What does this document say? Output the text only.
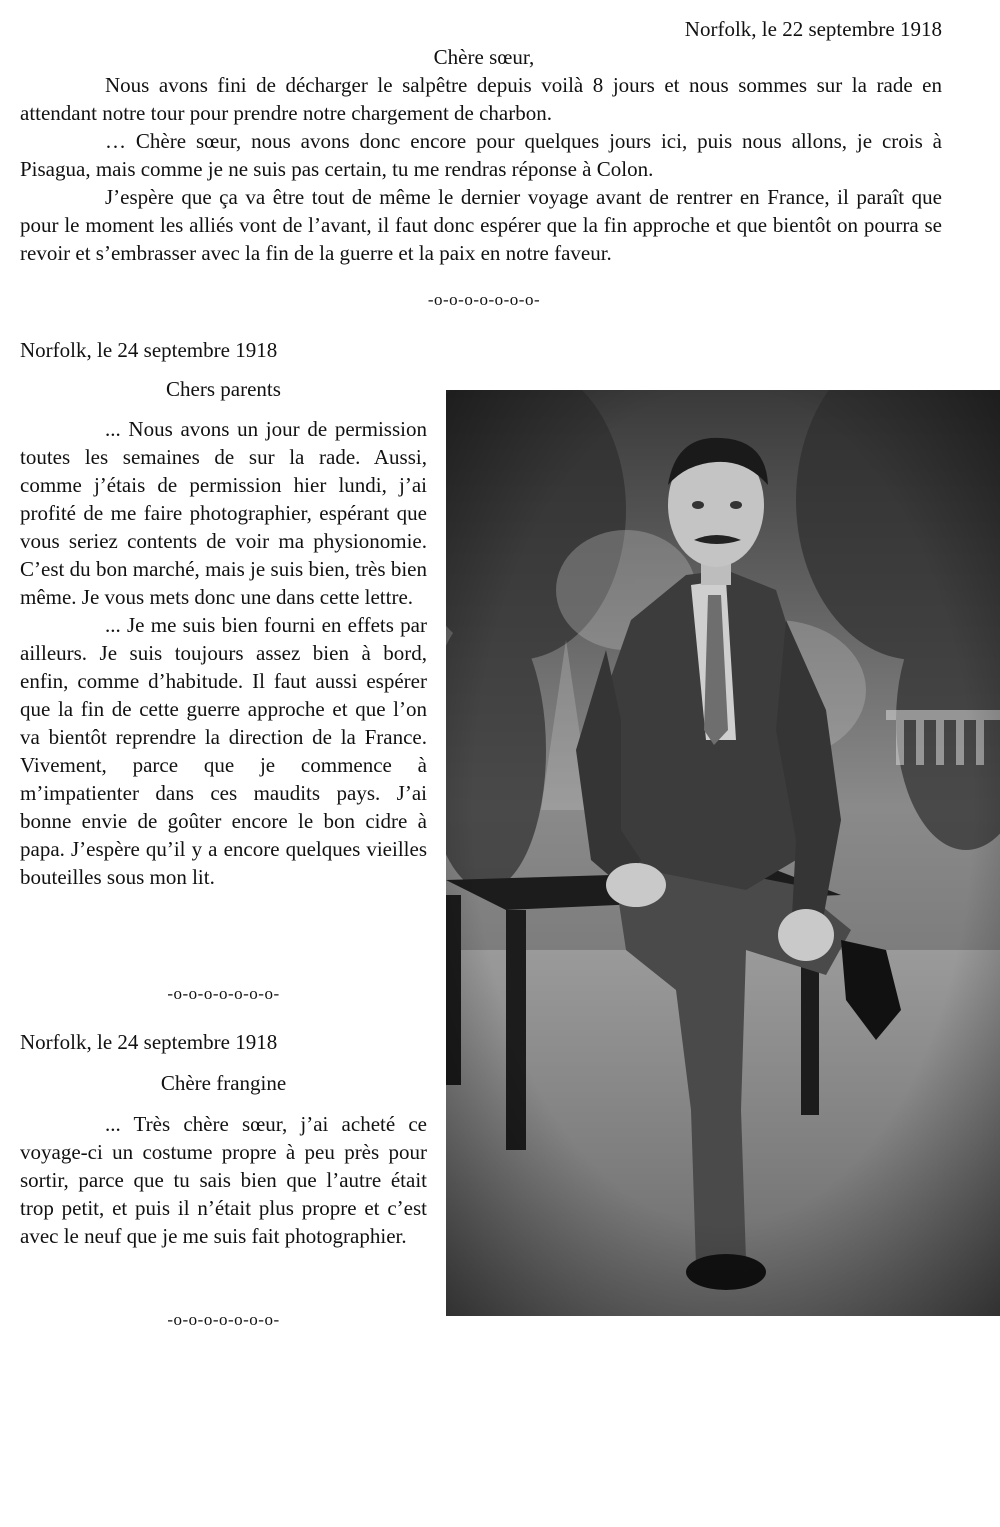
Norfolk, le 22 septembre 1918
Chère sœur,

Nous avons fini de décharger le salpêtre depuis voilà 8 jours et nous sommes sur la rade en attendant notre tour pour prendre notre chargement de charbon.

… Chère sœur, nous avons donc encore pour quelques jours ici, puis nous allons, je crois à Pisagua, mais comme je ne suis pas certain, tu me rendras réponse à Colon.

J’espère que ça va être tout de même le dernier voyage avant de rentrer en France, il paraît que pour le moment les alliés vont de l’avant, il faut donc espérer que la fin approche et que bientôt on pourra se revoir et s’embrasser avec la fin de la guerre et la paix en notre faveur.

-o-o-o-o-o-o-o-
Norfolk, le 24 septembre 1918
Chers parents

... Nous avons un jour de permission toutes les semaines de sur la rade. Aussi, comme j’étais de permission hier lundi, j’ai profité de me faire photographier, espérant que vous seriez contents de voir ma physionomie. C’est du bon marché, mais je suis bien, très bien même. Je vous mets donc une dans cette lettre.

... Je me suis bien fourni en effets par ailleurs. Je suis toujours assez bien à bord, enfin, comme d’habitude. Il faut aussi espérer que la fin de cette guerre approche et que l’on va bientôt reprendre la direction de la France. Vivement, parce que je commence à m’impatienter dans ces maudits pays. J’ai bonne envie de goûter encore le bon cidre à papa. J’espère qu’il y a encore quelques vieilles bouteilles sous mon lit.

-o-o-o-o-o-o-o-
Norfolk, le 24 septembre 1918
Chère frangine

... Très chère sœur, j’ai acheté ce voyage-ci un costume propre à peu près pour sortir, parce que tu sais bien que l’autre était trop petit, et puis il n’était plus propre et c’est avec le neuf que je me suis fait photographier.

-o-o-o-o-o-o-o-
